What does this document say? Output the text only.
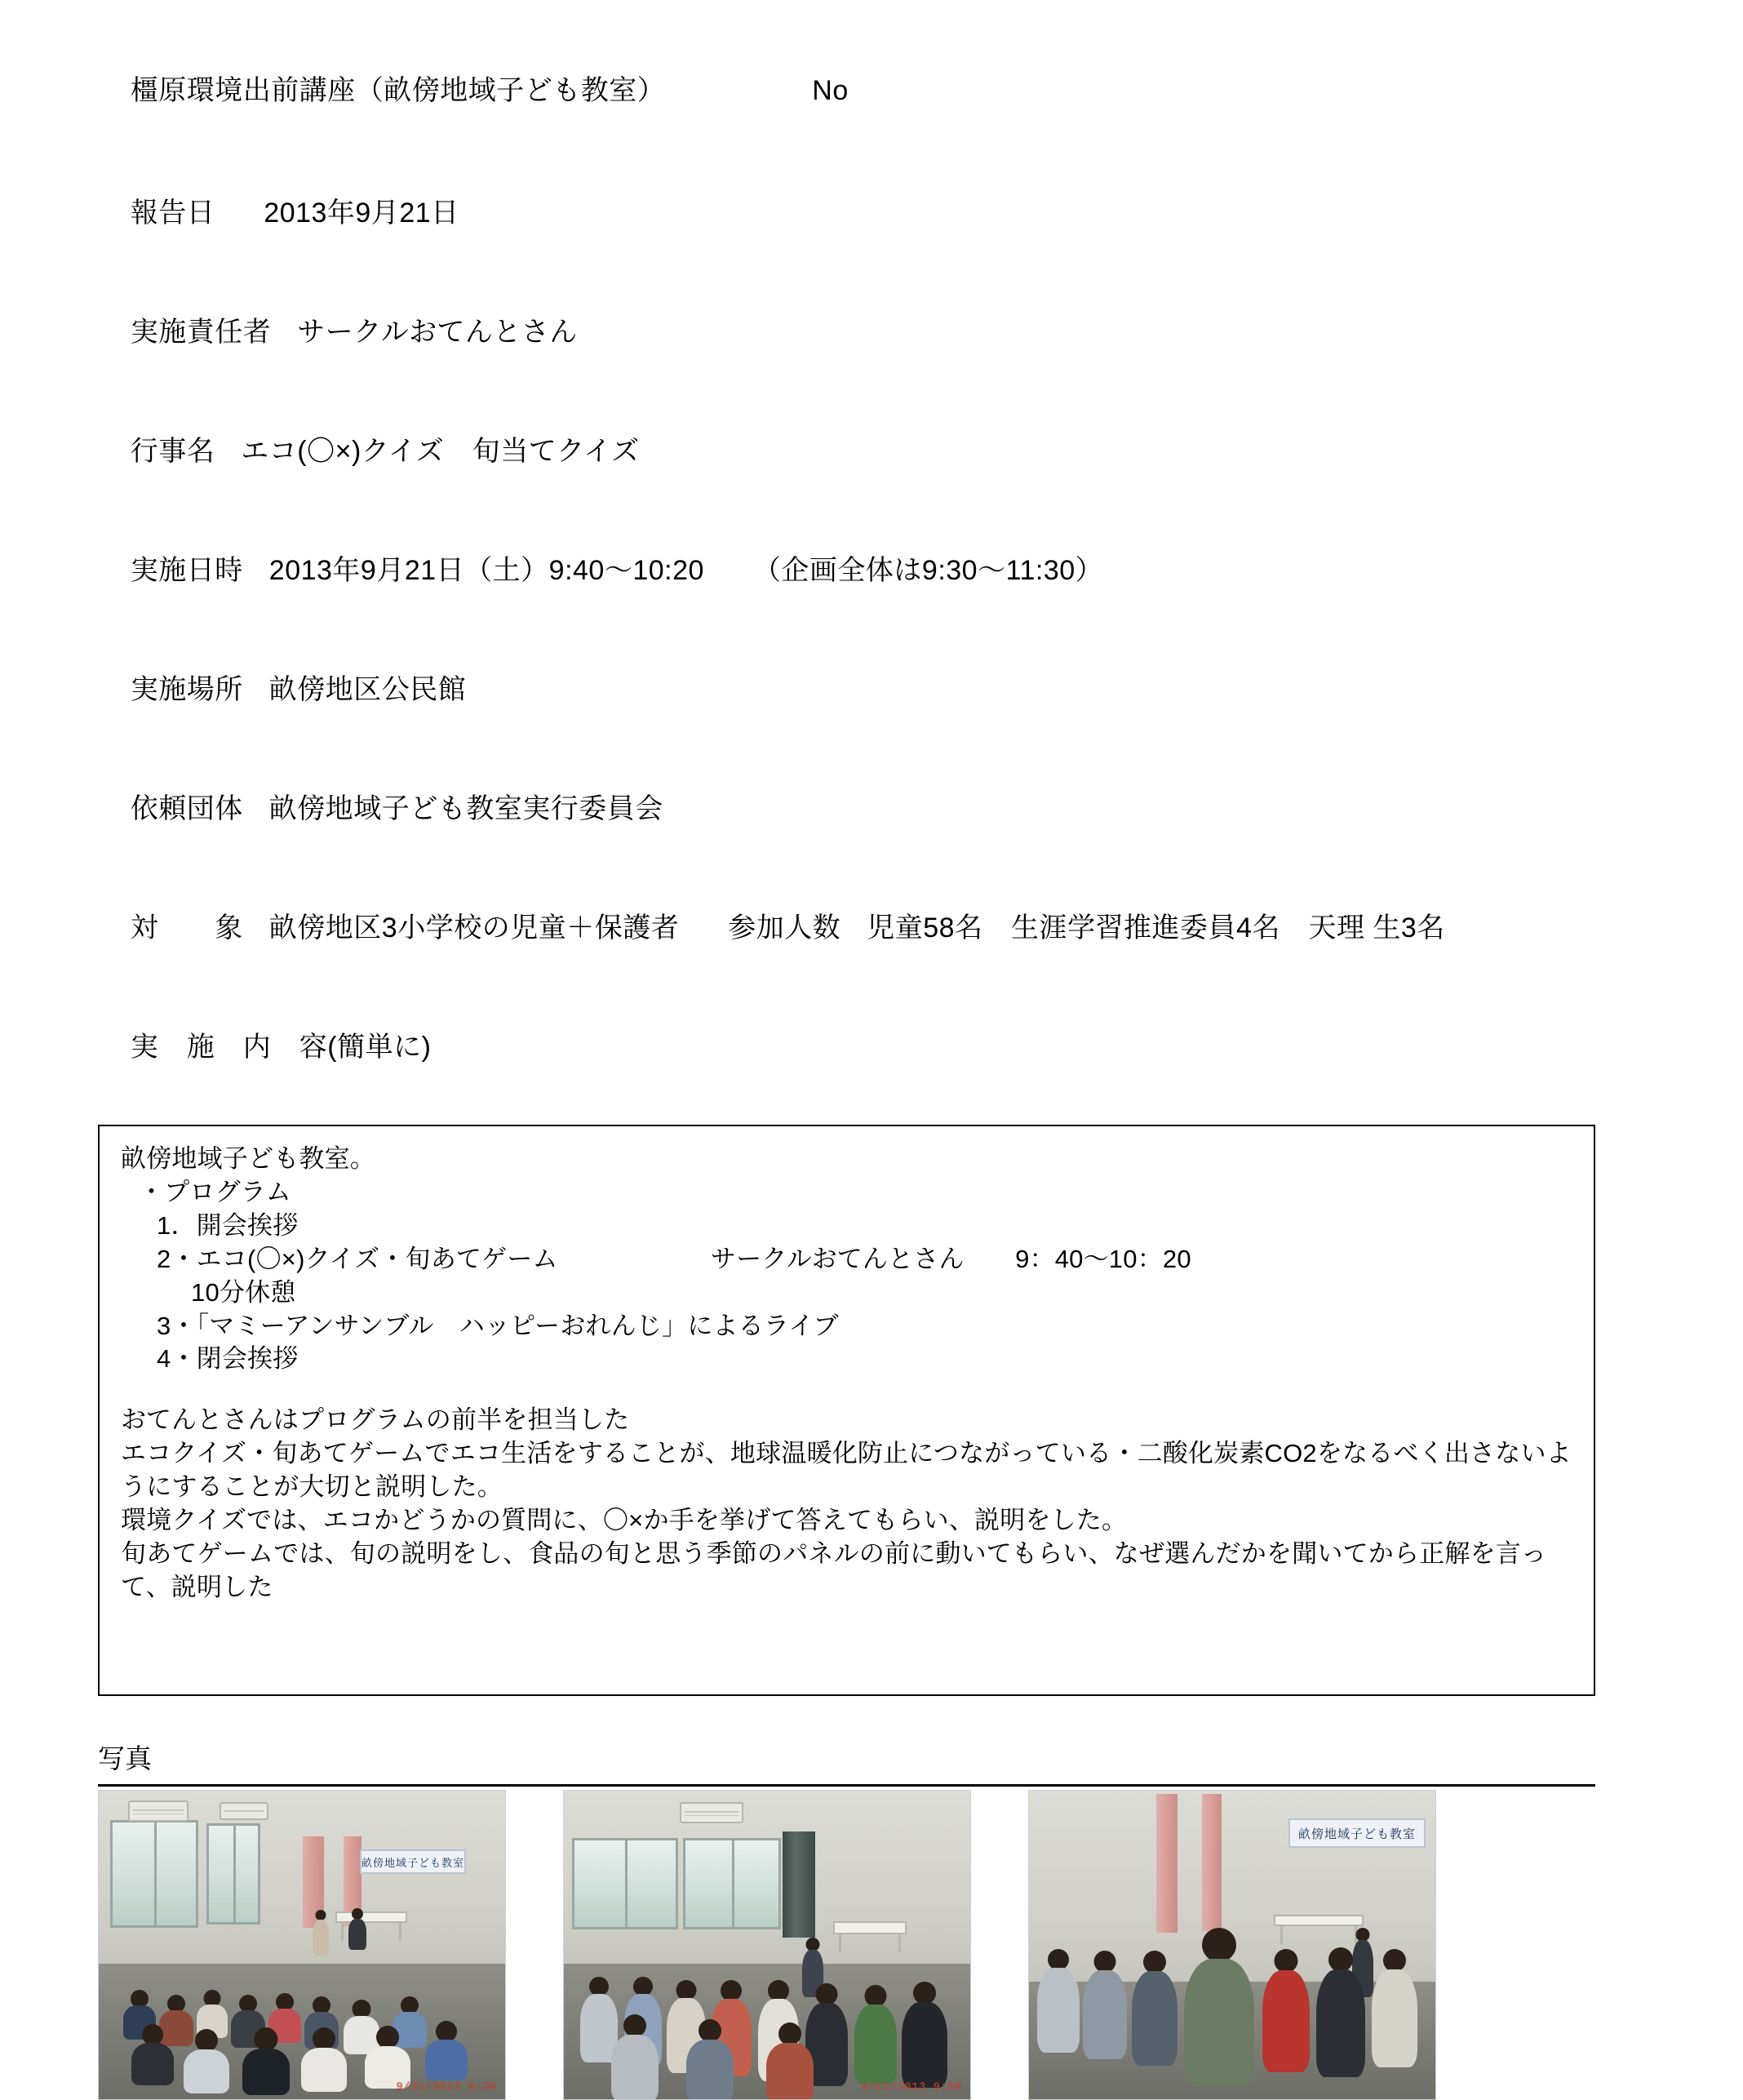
橿原環境出前講座（畝傍地域子ども教室）	No

報告日 2013年9月21日

実施責任者 サークルおてんとさん

行事名 エコ(〇×)クイズ　旬当てクイズ

実施日時 2013年9月21日（土）9:40〜10:20 （企画全体は9:30〜11:30）

実施場所 畝傍地区公民館

依頼団体 畝傍地域子ども教室実行委員会

対　　象 畝傍地区3小学校の児童＋保護者 参加人数 児童58名　生涯学習推進委員4名　天理 生3名

実　施　内　容(簡単に)

畝傍地域子ども教室。
・プログラム
1．開会挨拶
2・エコ(〇×)クイズ・旬あてゲーム　　　　　　サークルおてんとさん　　9：40〜10：20
10分休憩
3・「マミーアンサンブル　ハッピーおれんじ」によるライブ
4・閉会挨拶
おてんとさんはプログラムの前半を担当した
エコクイズ・旬あてゲームでエコ生活をすることが、地球温暖化防止につながっている・二酸化炭素CO2をなるべく出さないようにすることが大切と説明した。
環境クイズでは、エコかどうかの質問に、〇×か手を挙げて答えてもらい、説明をした。
旬あてゲームでは、旬の説明をし、食品の旬と思う季節のパネルの前に動いてもらい、なぜ選んだかを聞いてから正解を言って、説明した
写真
畝傍地域子ども教室
9/21/2013 9:38	9/21/2013 9:58
畝傍地域子ども教室
